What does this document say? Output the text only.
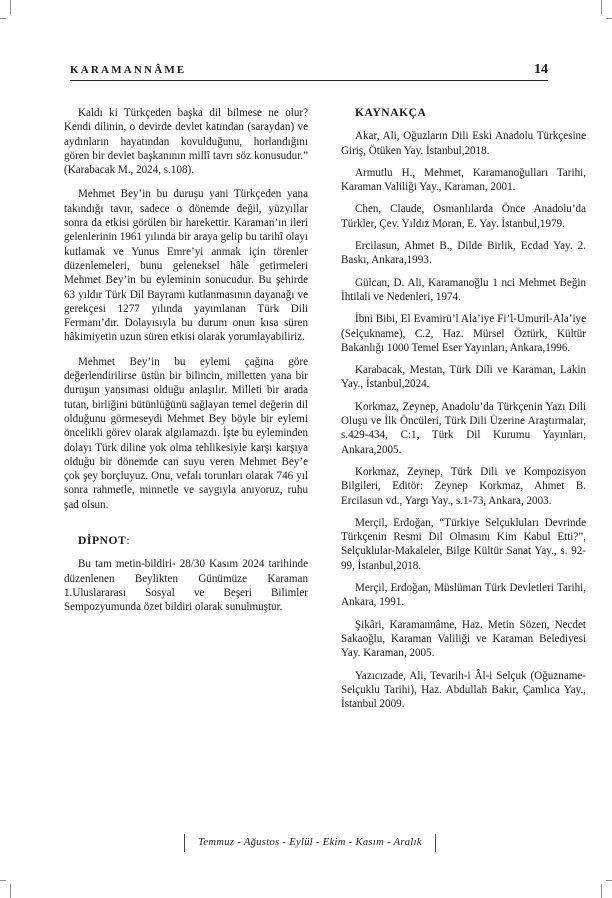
KARAMANNÂME	14

Kaldı ki Türkçeden başka dil bilmese ne olur? Kendi dilinin, o devirde devlet katından (saraydan) ve aydınların hayatından kovulduğunu, horlandığını gören bir devlet başkanının millî tavrı söz konusudur.” (Karabacak M., 2024, s.108).

Mehmet Bey’in bu duruşu yani Türkçeden yana takındığı tavır, sadece o dönemde değil, yüzyıllar sonra da etkisi görülen bir harekettir. Karaman’ın ileri gelenlerinin 1961 yılında bir araya gelip bu tarihî olayı kutlamak ve Yunus Emre’yi anmak için törenler düzenlemeleri, bunu geleneksel hâle getirmeleri Mehmet Bey’in bu eyleminin sonucudur. Bu şehirde 63 yıldır Türk Dil Bayramı kutlanmasının dayanağı ve gerekçesi 1277 yılında yayımlanan Türk Dili Fermanı’dır. Dolayısıyla bu durum onun kısa süren hâkimiyetin uzun süren etkisi olarak yorumlayabiliriz.

Mehmet Bey’in bu eylemi çağına göre değerlendirilirse üstün bir bilincin, milletten yana bir duruşun yansıması olduğu anlaşılır. Milleti bir arada tutan, birliğini bütünlüğünü sağlayan temel değerin dil olduğunu görmeseydi Mehmet Bey böyle bir eylemi öncelikli görev olarak algılamazdı. İşte bu eyleminden dolayı Türk diline yok olma tehlikesiyle karşı karşıya olduğu bir dönemde can suyu veren Mehmet Bey’e çok şey borçluyuz. Onu, vefalı torunları olarak 746 yıl sonra rahmetle, minnetle ve saygıyla anıyoruz, ruhu şad olsun.

DİPNOT:

Bu tam metin-bildiri- 28/30 Kasım 2024 tarihinde düzenlenen Beylikten Günümüze Karaman 1.Uluslararası Sosyal ve Beşeri Bilimler Sempozyumunda özet bildiri olarak sunulmuştur.

KAYNAKÇA

Akar, Ali, Oğuzların Dili Eski Anadolu Türkçesine Giriş, Ötüken Yay. İstanbul,2018.

Armutlu H., Mehmet, Karamanoğulları Tarihi, Karaman Valiliği Yay., Karaman, 2001.

Chen, Claude, Osmanlılarda Önce Anadolu’da Türkler, Çev. Yıldız Moran, E. Yay. İstanbul,1979.

Ercilasun, Ahmet B., Dilde Birlik, Ecdad Yay. 2. Baskı, Ankara,1993.

Gülcan, D. Ali, Karamanoğlu 1 nci Mehmet Beğin İhtilali ve Nedenleri, 1974.

İbni Bibi, El Evamirü’l Ala’iye Fi’l-Umuril-Ala’iye (Selçukname), C.2, Haz. Mürsel Öztürk, Kültür Bakanlığı 1000 Temel Eser Yayınları, Ankara,1996.

Karabacak, Mestan, Türk Dili ve Karaman, Lakin Yay., İstanbul,2024.

Korkmaz, Zeynep, Anadolu’da Türkçenin Yazı Dili Oluşu ve İlk Öncüleri, Türk Dili Üzerine Araştırmalar, s.429-434, C:1, Türk Dil Kurumu Yayınları, Ankara,2005.

Korkmaz, Zeynep, Türk Dili ve Kompozisyon Bilgileri, Editör: Zeynep Korkmaz, Ahmet B. Ercilasun vd., Yargı Yay., s.1-73, Ankara, 2003.

Merçil, Erdoğan, “Türkiye Selçukluları Devrinde Türkçenin Resmi Dil Olmasını Kim Kabul Etti?”, Selçuklular-Makaleler, Bilge Kültür Sanat Yay., s. 92-99, İstanbul,2018.

Merçil, Erdoğan, Müslüman Türk Devletleri Tarihi, Ankara, 1991.

Şikâri, Karamannâme, Haz. Metin Sözen, Necdet Sakaoğlu, Karaman Valiliği ve Karaman Belediyesi Yay. Karaman, 2005.

Yazıcızade, Ali, Tevarih-i Âl-i Selçuk (Oğuzname-Selçuklu Tarihi), Haz. Abdullah Bakır, Çamlıca Yay., İstanbul 2009.

Temmuz - Ağustos - Eylül - Ekim - Kasım - Aralık
